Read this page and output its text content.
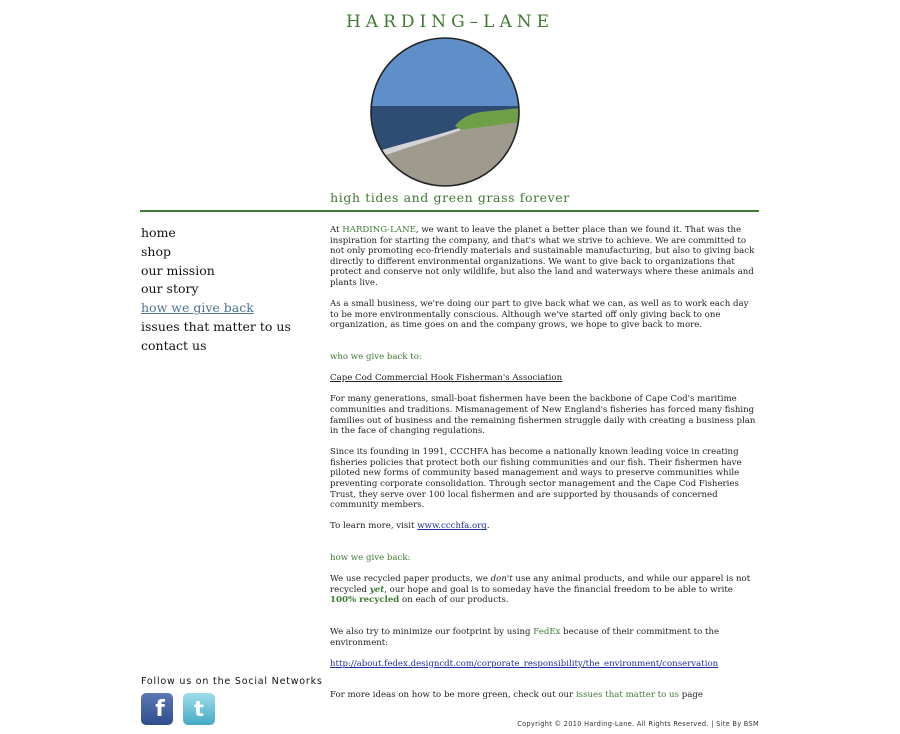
HARDING–LANE
high tides and green grass forever
home
shop
our mission
our story
how we give back
issues that matter to us
contact us

At HARDING-LANE, we want to leave the planet a better place than we found it. That was the inspiration for starting the company, and that's what we strive to achieve. We are committed to not only promoting eco-friendly materials and sustainable manufacturing, but also to giving back directly to different environmental organizations. We want to give back to organizations that protect and conserve not only wildlife, but also the land and waterways where these animals and plants live.

As a small business, we're doing our part to give back what we can, as well as to work each day to be more environmentally conscious. Although we've started off only giving back to one organization, as time goes on and the company grows, we hope to give back to more.

who we give back to:

Cape Cod Commercial Hook Fisherman's Association

For many generations, small-boat fishermen have been the backbone of Cape Cod's maritime communities and traditions. Mismanagement of New England's fisheries has forced many fishing families out of business and the remaining fishermen struggle daily with creating a business plan in the face of changing regulations.

Since its founding in 1991, CCCHFA has become a nationally known leading voice in creating fisheries policies that protect both our fishing communities and our fish. Their fishermen have piloted new forms of community based management and ways to preserve communities while preventing corporate consolidation. Through sector management and the Cape Cod Fisheries Trust, they serve over 100 local fishermen and are supported by thousands of concerned community members.

To learn more, visit www.ccchfa.org.

how we give back:

We use recycled paper products, we don't use any animal products, and while our apparel is not recycled yet, our hope and goal is to someday have the financial freedom to be able to write 100% recycled on each of our products.

We also try to minimize our footprint by using FedEx because of their commitment to the environment:

http://about.fedex.designcdt.com/corporate_responsibility/the_environment/conservation

For more ideas on how to be more green, check out our issues that matter to us page

Follow us on the Social Networks
f	t
Copyright © 2010 Harding-Lane. All Rights Reserved. | Site By BSM
